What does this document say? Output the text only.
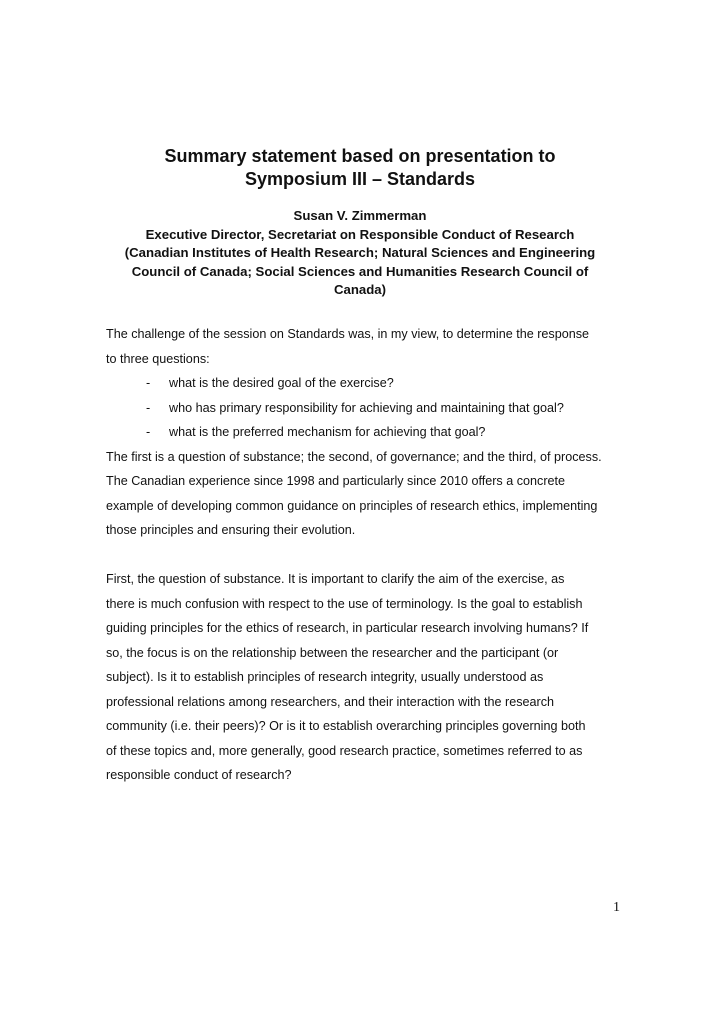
Summary statement based on presentation to
Symposium III – Standards
Susan V. Zimmerman
Executive Director, Secretariat on Responsible Conduct of Research
(Canadian Institutes of Health Research; Natural Sciences and Engineering
Council of Canada; Social Sciences and Humanities Research Council of
Canada)
The challenge of the session on Standards was, in my view, to determine the response
to three questions:
- what is the desired goal of the exercise?
- who has primary responsibility for achieving and maintaining that goal?
- what is the preferred mechanism for achieving that goal?
The first is a question of substance; the second, of governance; and the third, of process.
The Canadian experience since 1998 and particularly since 2010 offers a concrete
example of developing common guidance on principles of research ethics, implementing
those principles and ensuring their evolution.
First, the question of substance. It is important to clarify the aim of the exercise, as
there is much confusion with respect to the use of terminology. Is the goal to establish
guiding principles for the ethics of research, in particular research involving humans? If
so, the focus is on the relationship between the researcher and the participant (or
subject). Is it to establish principles of research integrity, usually understood as
professional relations among researchers, and their interaction with the research
community (i.e. their peers)? Or is it to establish overarching principles governing both
of these topics and, more generally, good research practice, sometimes referred to as
responsible conduct of research?
1
